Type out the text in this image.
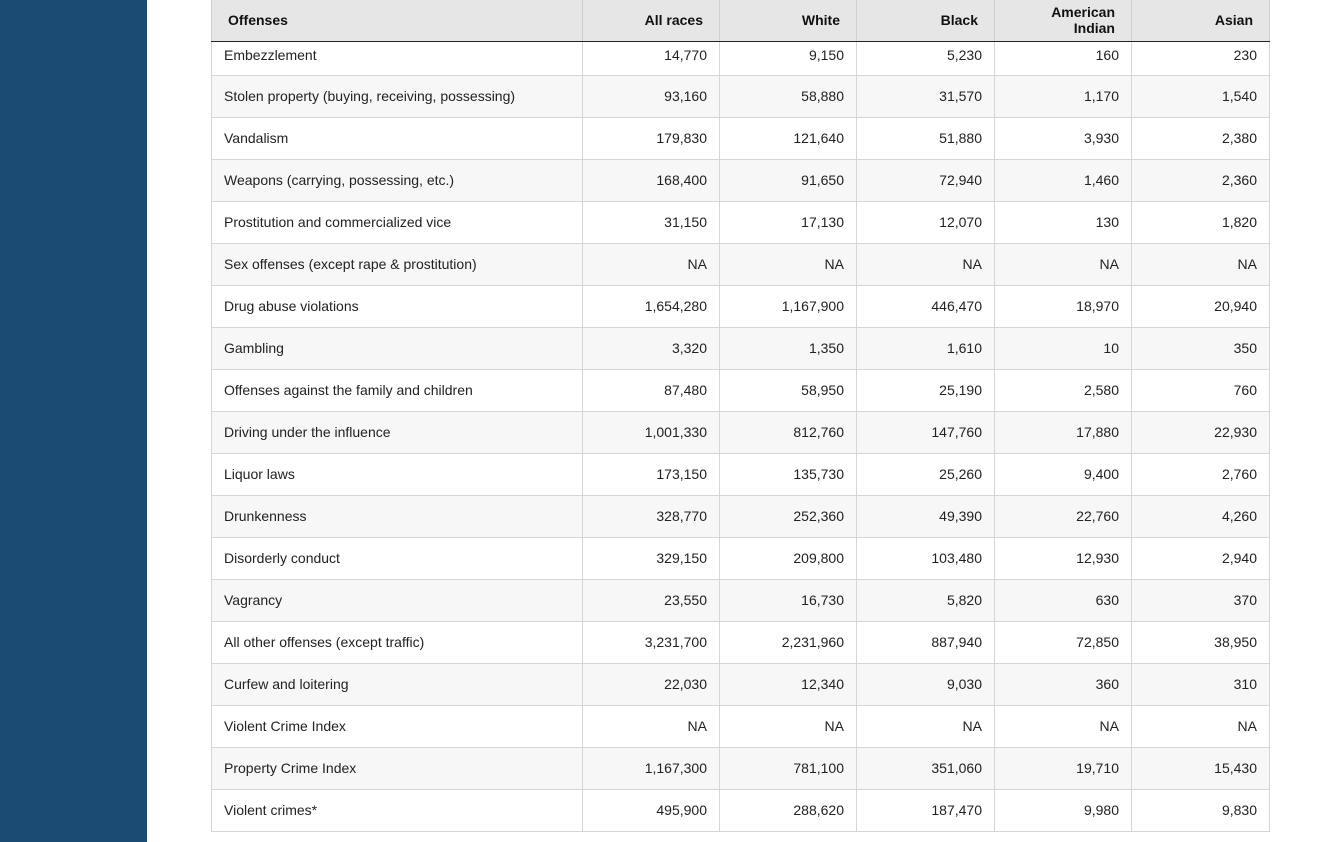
Offenses	All races	White	Black	American Indian	Asian
Embezzlement	14,770	9,150	5,230	160	230
Stolen property (buying, receiving, possessing)	93,160	58,880	31,570	1,170	1,540
Vandalism	179,830	121,640	51,880	3,930	2,380
Weapons (carrying, possessing, etc.)	168,400	91,650	72,940	1,460	2,360
Prostitution and commercialized vice	31,150	17,130	12,070	130	1,820
Sex offenses (except rape & prostitution)	NA	NA	NA	NA	NA
Drug abuse violations	1,654,280	1,167,900	446,470	18,970	20,940
Gambling	3,320	1,350	1,610	10	350
Offenses against the family and children	87,480	58,950	25,190	2,580	760
Driving under the influence	1,001,330	812,760	147,760	17,880	22,930
Liquor laws	173,150	135,730	25,260	9,400	2,760
Drunkenness	328,770	252,360	49,390	22,760	4,260
Disorderly conduct	329,150	209,800	103,480	12,930	2,940
Vagrancy	23,550	16,730	5,820	630	370
All other offenses (except traffic)	3,231,700	2,231,960	887,940	72,850	38,950
Curfew and loitering	22,030	12,340	9,030	360	310
Violent Crime Index	NA	NA	NA	NA	NA
Property Crime Index	1,167,300	781,100	351,060	19,710	15,430
Violent crimes*	495,900	288,620	187,470	9,980	9,830
